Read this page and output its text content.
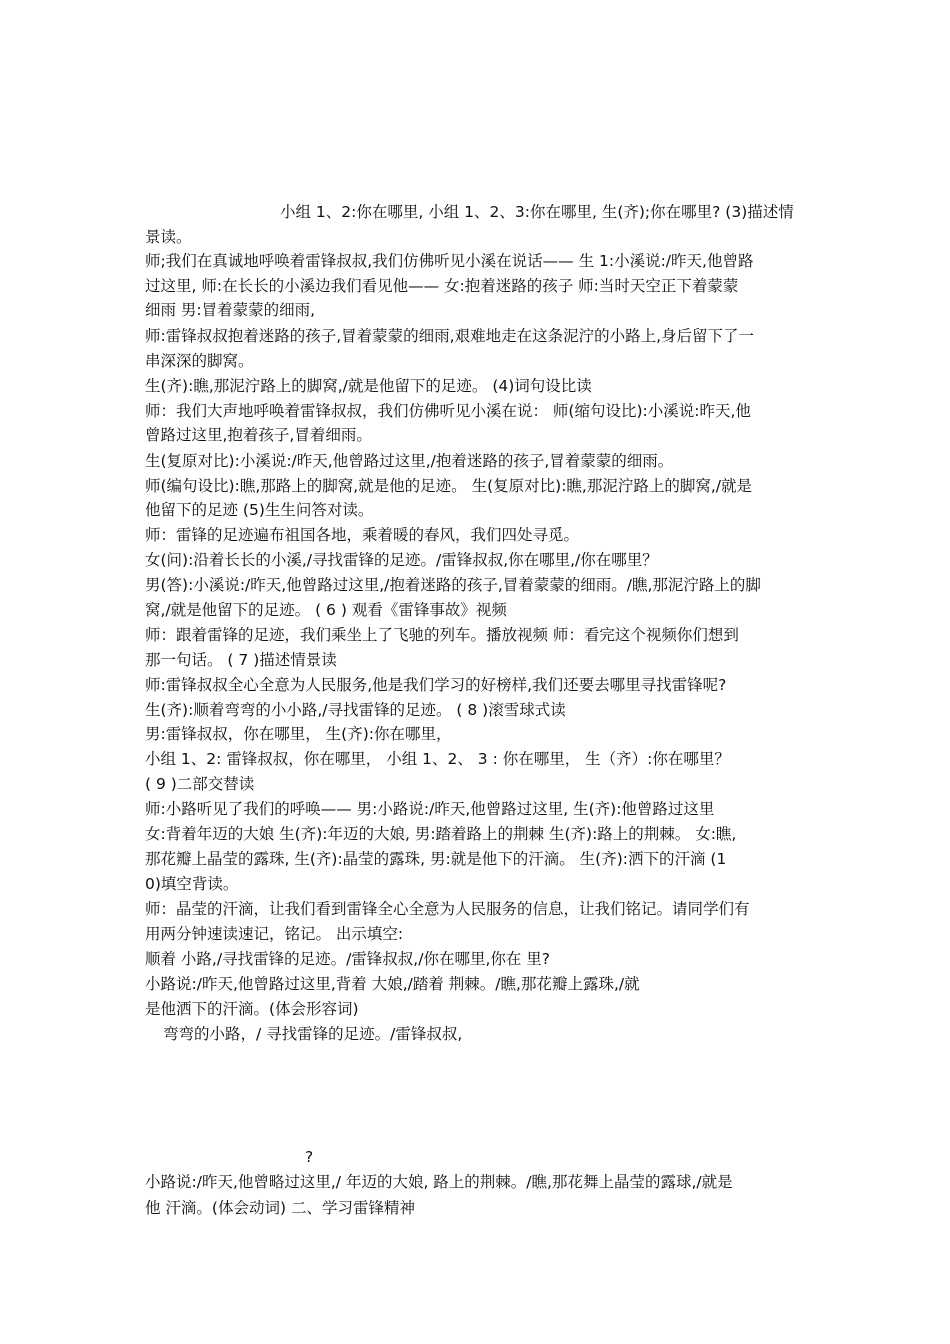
小组 1、2:你在哪里, 小组 1、2、3:你在哪里, 生(齐);你在哪里? (3)描述情
景读。
师;我们在真诚地呼唤着雷锋叔叔,我们仿佛听见小溪在说话—— 生 1:小溪说:/昨天,他曾路
过这里, 师:在长长的小溪边我们看见他—— 女:抱着迷路的孩子 师:当时天空正下着蒙蒙
细雨 男:冒着蒙蒙的细雨,
师:雷锋叔叔抱着迷路的孩子,冒着蒙蒙的细雨,艰难地走在这条泥泞的小路上,身后留下了一
串深深的脚窝。
生(齐):瞧,那泥泞路上的脚窝,/就是他留下的足迹。 (4)词句设比读
师：我们大声地呼唤着雷锋叔叔，我们仿佛听见小溪在说： 师(缩句设比):小溪说:昨天,他
曾路过这里,抱着孩子,冒着细雨。
生(复原对比):小溪说:/昨天,他曾路过这里,/抱着迷路的孩子,冒着蒙蒙的细雨。
师(编句设比):瞧,那路上的脚窝,就是他的足迹。 生(复原对比):瞧,那泥泞路上的脚窝,/就是
他留下的足迹 (5)生生问答对读。
师：雷锋的足迹遍布祖国各地，乘着暖的春风，我们四处寻觅。
女(问):沿着长长的小溪,/寻找雷锋的足迹。/雷锋叔叔,你在哪里,/你在哪里？
男(答):小溪说:/昨天,他曾路过这里,/抱着迷路的孩子,冒着蒙蒙的细雨。/瞧,那泥泞路上的脚
窝,/就是他留下的足迹。 ( 6 ) 观看《雷锋事故》视频
师：跟着雷锋的足迹，我们乘坐上了飞驰的列车。播放视频 师：看完这个视频你们想到
那一句话。 ( 7 )描述情景读
师:雷锋叔叔全心全意为人民服务,他是我们学习的好榜样,我们还要去哪里寻找雷锋呢?
生(齐):顺着弯弯的小小路,/寻找雷锋的足迹。 ( 8 )滚雪球式读
男:雷锋叔叔，你在哪里， 生(齐):你在哪里，
小组 1、2: 雷锋叔叔，你在哪里， 小组 1、2、 3 : 你在哪里， 生（齐）:你在哪里？
( 9 )二部交替读
师:小路听见了我们的呼唤—— 男:小路说:/昨天,他曾路过这里, 生(齐):他曾路过这里
女:背着年迈的大娘 生(齐):年迈的大娘, 男:踏着路上的荆棘 生(齐):路上的荆棘。 女:瞧,
那花瓣上晶莹的露珠, 生(齐):晶莹的露珠, 男:就是他下的汗滴。 生(齐):洒下的汗滴 (1
0)填空背读。
师：晶莹的汗滴，让我们看到雷锋全心全意为人民服务的信息，让我们铭记。请同学们有
用两分钟速读速记，铭记。 出示填空:
顺着 小路,/寻找雷锋的足迹。/雷锋叔叔,/你在哪里,你在 里?
小路说:/昨天,他曾路过这里,背着 大娘,/踏着 荆棘。/瞧,那花瓣上露珠,/就
是他洒下的汗滴。(体会形容词)
弯弯的小路，/ 寻找雷锋的足迹。/雷锋叔叔,
?
小路说:/昨天,他曾略过这里,/ 年迈的大娘, 路上的荆棘。/瞧,那花舞上晶莹的露球,/就是
他 汗滴。(体会动词) 二、学习雷锋精神
